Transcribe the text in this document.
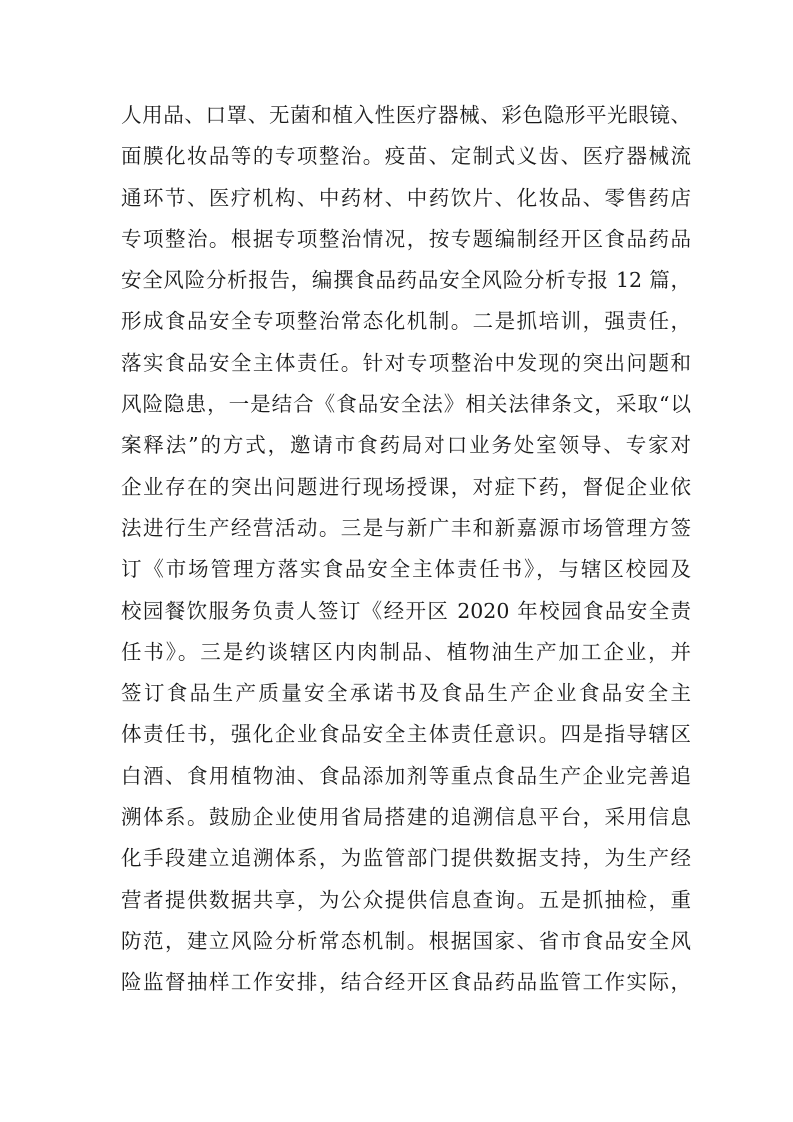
人用品、口罩、无菌和植入性医疗器械、彩色隐形平光眼镜、
面膜化妆品等的专项整治。疫苗、定制式义齿、医疗器械流
通环节、医疗机构、中药材、中药饮片、化妆品、零售药店
专项整治。根据专项整治情况，按专题编制经开区食品药品
安全风险分析报告，编撰食品药品安全风险分析专报 12 篇，
形成食品安全专项整治常态化机制。二是抓培训，强责任，
落实食品安全主体责任。针对专项整治中发现的突出问题和
风险隐患，一是结合《食品安全法》相关法律条文，采取“以
案释法”的方式，邀请市食药局对口业务处室领导、专家对
企业存在的突出问题进行现场授课，对症下药，督促企业依
法进行生产经营活动。三是与新广丰和新嘉源市场管理方签
订《市场管理方落实食品安全主体责任书》，与辖区校园及
校园餐饮服务负责人签订《经开区 2020 年校园食品安全责
任书》。三是约谈辖区内肉制品、植物油生产加工企业，并
签订食品生产质量安全承诺书及食品生产企业食品安全主
体责任书，强化企业食品安全主体责任意识。四是指导辖区
白酒、食用植物油、食品添加剂等重点食品生产企业完善追
溯体系。鼓励企业使用省局搭建的追溯信息平台，采用信息
化手段建立追溯体系，为监管部门提供数据支持，为生产经
营者提供数据共享，为公众提供信息查询。五是抓抽检，重
防范，建立风险分析常态机制。根据国家、省市食品安全风
险监督抽样工作安排，结合经开区食品药品监管工作实际，
